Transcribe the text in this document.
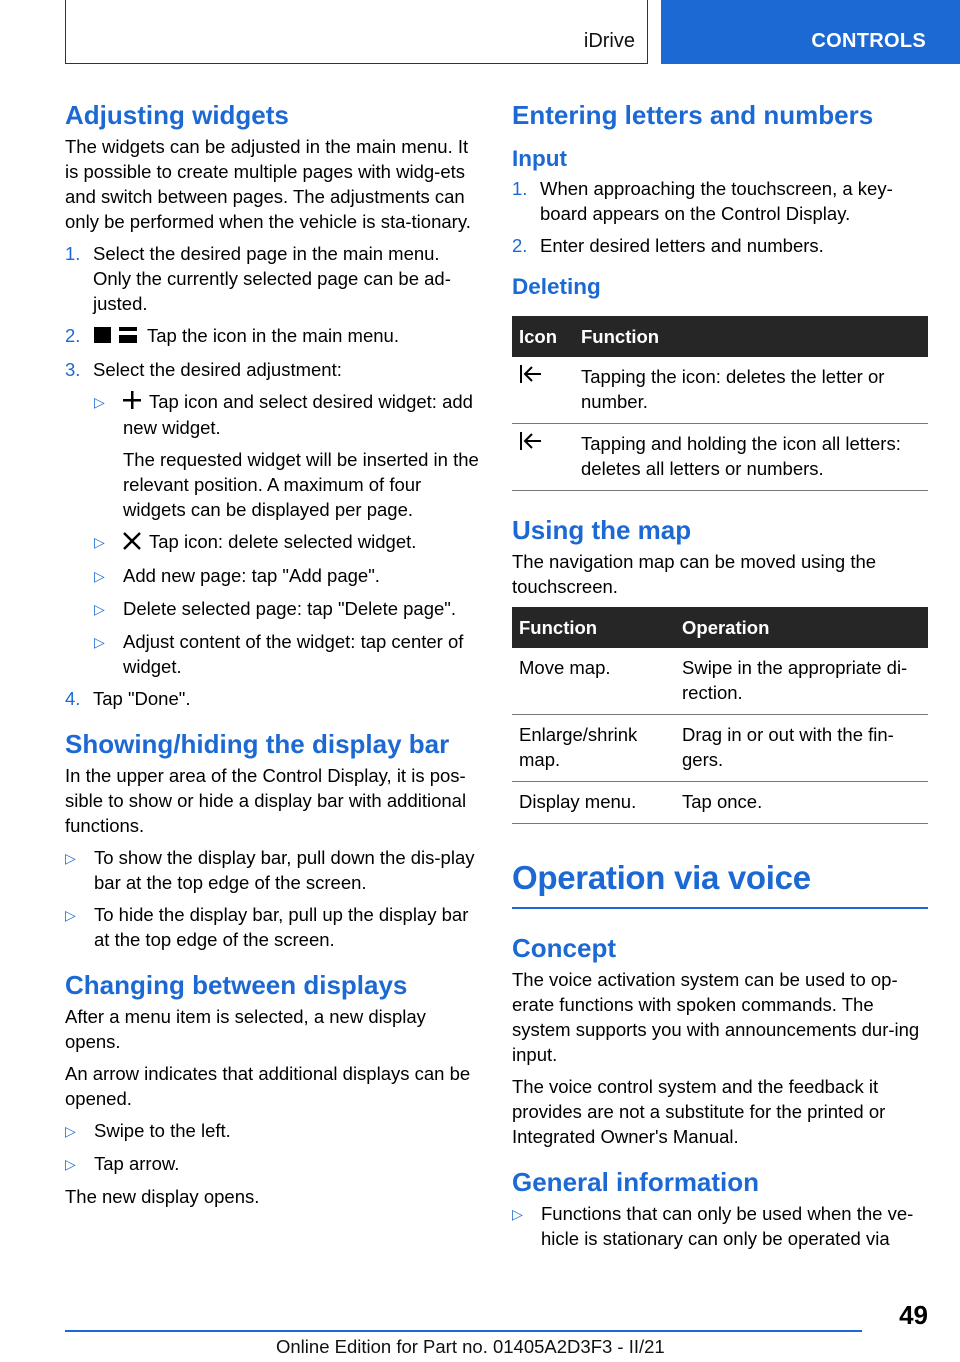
iDrive	CONTROLS
Adjusting widgets

The widgets can be adjusted in the main menu. It is possible to create multiple pages with widg‐ets and switch between pages. The adjustments can only be performed when the vehicle is sta‐tionary.

1. Select the desired page in the main menu. Only the currently selected page can be ad‐justed.
2.	Tap the icon in the main menu.
3. Select the desired adjustment:
▷	Tap icon and select desired widget: add new widget.
The requested widget will be inserted in the relevant position. A maximum of four widgets can be displayed per page.
▷	Tap icon: delete selected widget.
▷ Add new page: tap "Add page".
▷ Delete selected page: tap "Delete page".
▷ Adjust content of the widget: tap center of widget.
4. Tap "Done".
Showing/hiding the display bar

In the upper area of the Control Display, it is pos‐sible to show or hide a display bar with additional functions.

▷ To show the display bar, pull down the dis‐play bar at the top edge of the screen.
▷ To hide the display bar, pull up the display bar at the top edge of the screen.
Changing between displays

After a menu item is selected, a new display opens.

An arrow indicates that additional displays can be opened.

▷ Swipe to the left.
▷ Tap arrow.

The new display opens.

Entering letters and numbers
Input
1. When approaching the touchscreen, a key‐board appears on the Control Display.
2. Enter desired letters and numbers.
Deleting
Icon	Function
	Tapping the icon: deletes the letter or number.
	Tapping and holding the icon all letters: deletes all letters or numbers.
Using the map

The navigation map can be moved using the touchscreen.

Function	Operation
Move map.	Swipe in the appropriate di‐rection.
Enlarge/shrink map.	Drag in or out with the fin‐gers.
Display menu.	Tap once.
Operation via voice
Concept

The voice activation system can be used to op‐erate functions with spoken commands. The system supports you with announcements dur‐ing input.

The voice control system and the feedback it provides are not a substitute for the printed or Integrated Owner's Manual.

General information
▷ Functions that can only be used when the ve‐hicle is stationary can only be operated via
49
Online Edition for Part no. 01405A2D3F3 - II/21
